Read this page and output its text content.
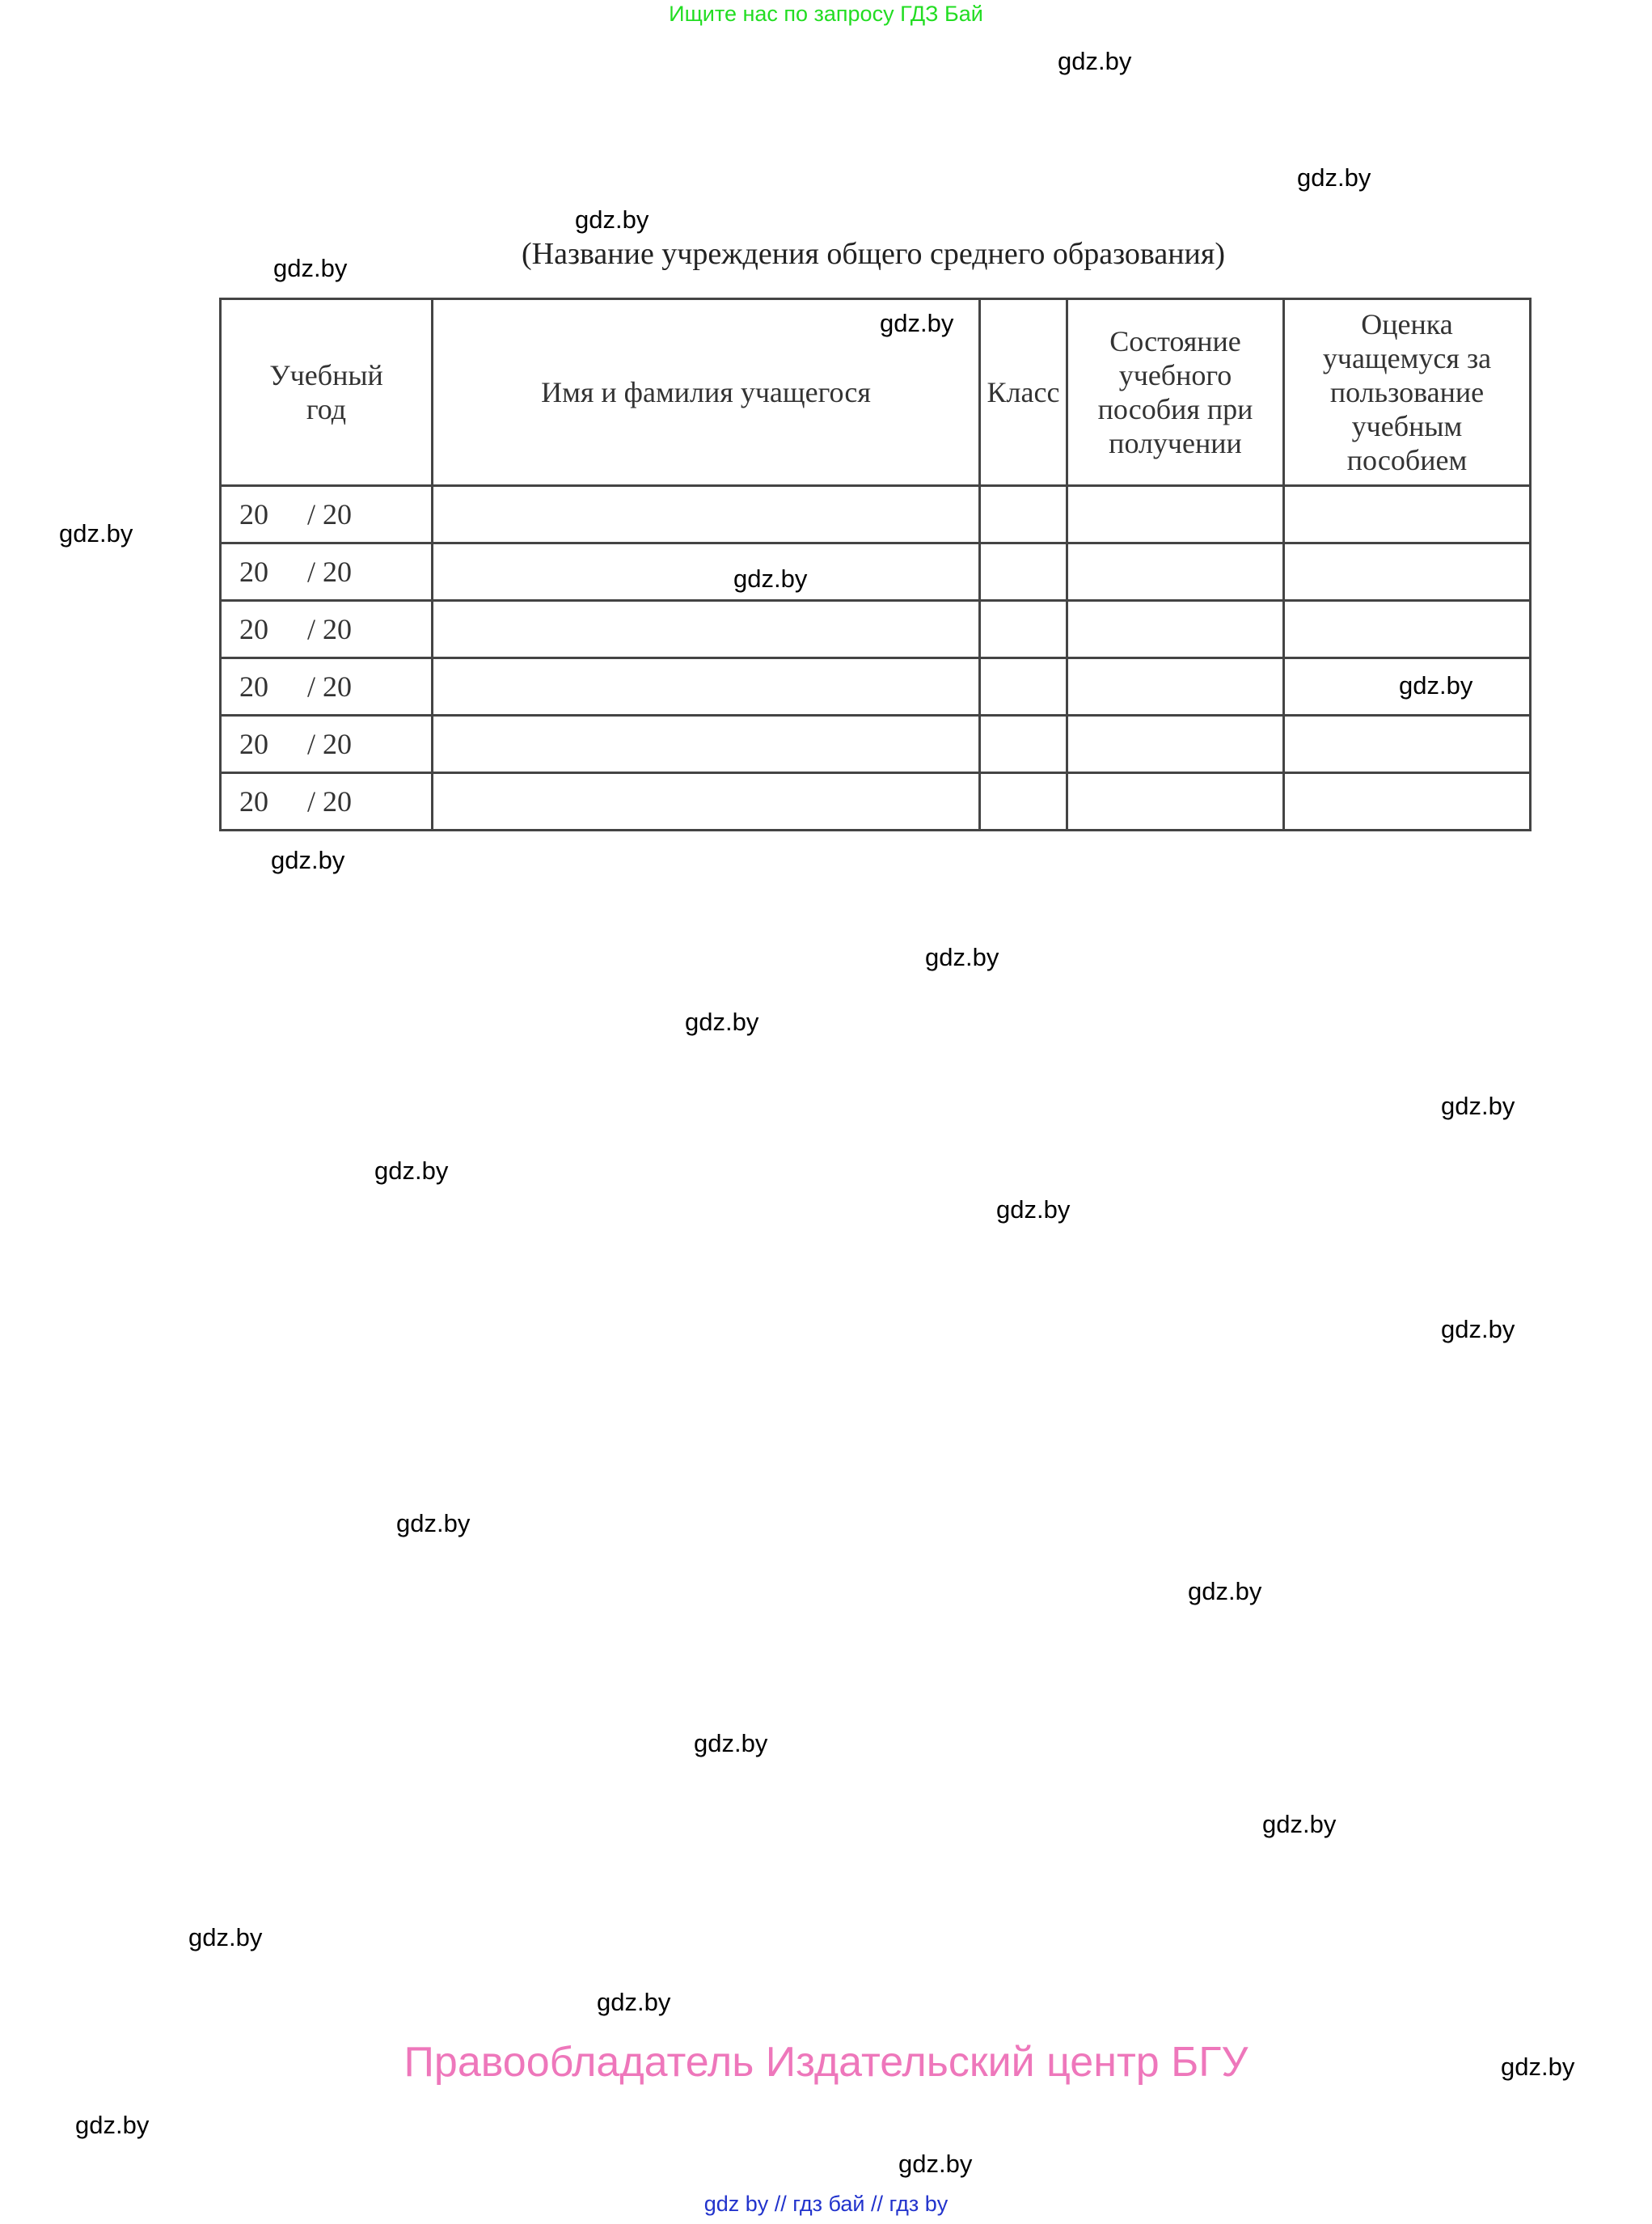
Ищите нас по запросу ГДЗ Бай
gdz.by
gdz.by
gdz.by
gdz.by
gdz.by
(Название учреждения общего среднего образования)
Учебный год	Имя и фамилия учащегося	Класс	Состояние учебного пособия при получении	Оценка учащемуся за пользование учебным пособием

20 / 20				
20 / 20				
20 / 20				
20 / 20				
20 / 20				
20 / 20				
gdz.by
gdz.by
gdz.by
gdz.by
gdz.by
gdz.by
gdz.by
gdz.by
gdz.by
gdz.by
gdz.by
gdz.by
gdz.by
gdz.by
gdz.by
gdz.by
gdz.by
gdz.by
gdz.by
Правообладатель Издательский центр БГУ
gdz by // гдз бай // гдз by
